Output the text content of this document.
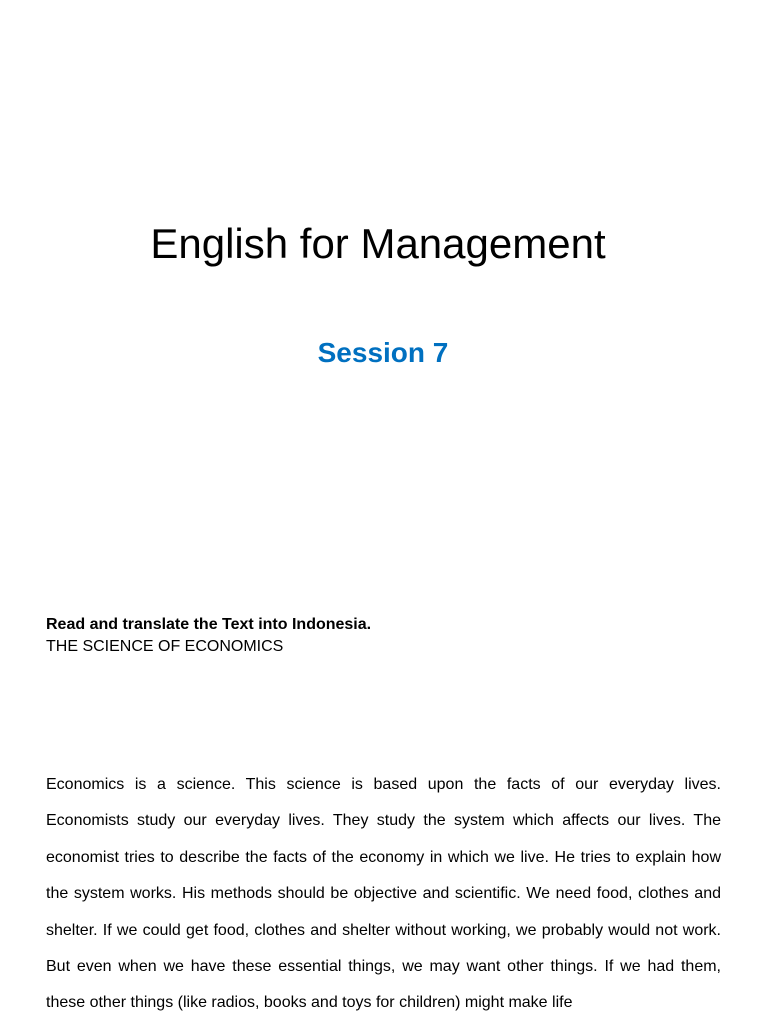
English for Management
Session 7

Read and translate the Text into Indonesia.

THE SCIENCE OF ECONOMICS

Economics is a science. This science is based upon the facts of our everyday lives. Economists study our everyday lives. They study the system which affects our lives. The economist tries to describe the facts of the economy in which we live. He tries to explain how the system works. His methods should be objective and scientific. We need food, clothes and shelter. If we could get food, clothes and shelter without working, we probably would not work. But even when we have these essential things, we may want other things. If we had them, these other things (like radios, books and toys for children) might make life
